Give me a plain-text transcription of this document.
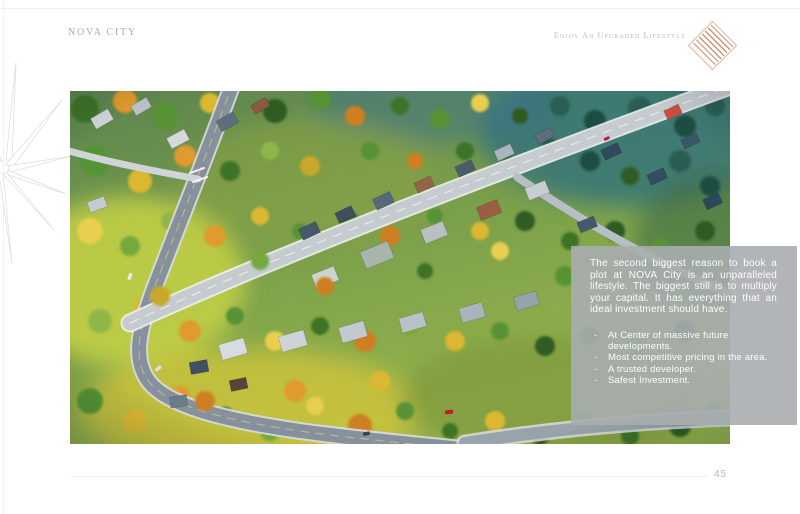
NOVA CITY	Enjoy An Upgraded Lifestyle

The second biggest reason to book a plot at NOVA City is an unparalleled lifestyle. The biggest still is to multiply your capital. It has everything that an ideal investment should have.

- At Center of massive future developments.
- Most competitive pricing in the area.
- A trusted developer.
- Safest Investment.
45
